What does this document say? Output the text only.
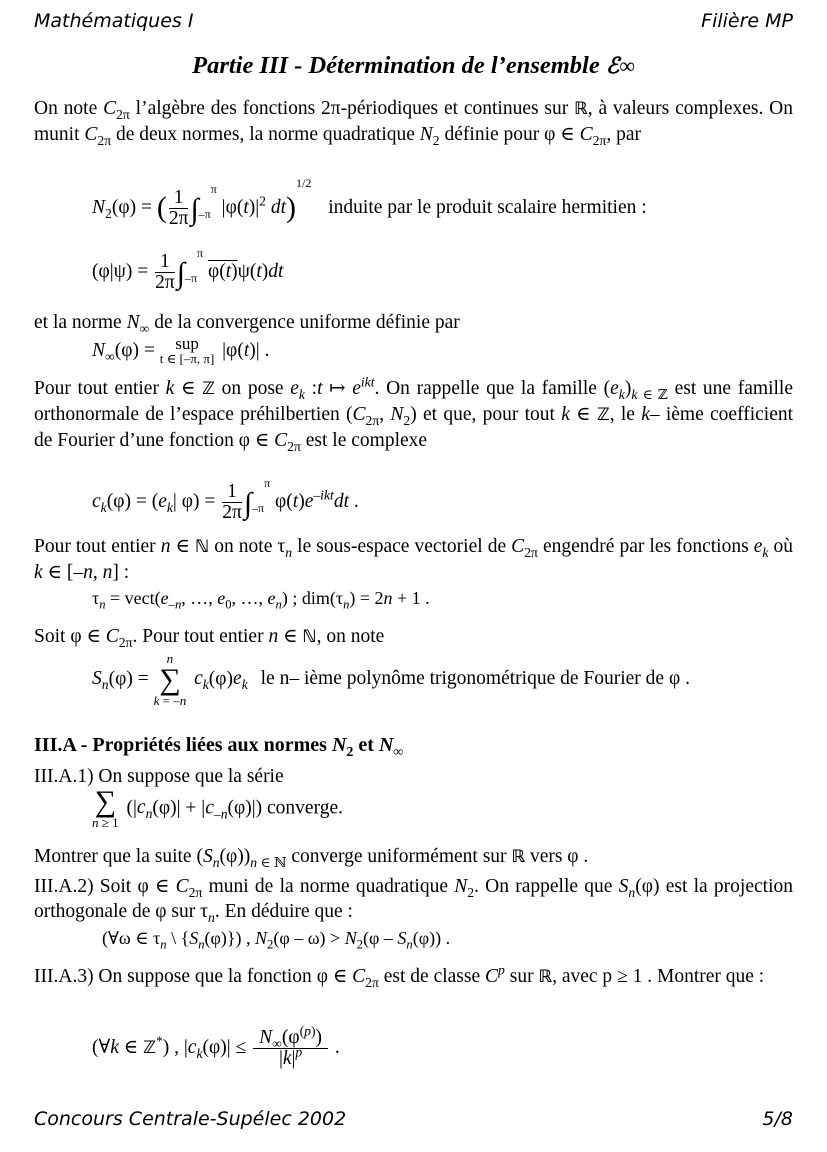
Mathématiques I	Filière MP
Partie III - Détermination de l’ensemble ℰ∞
On note $C_{2\pi}$ l’algèbre des fonctions 2π-périodiques et continues sur ℝ, à valeurs complexes. On munit $C_{2\pi}$ de deux normes, la norme quadratique $N_2$ définie pour φ ∈ $C_{2\pi}$, par
$N_2(\varphi)$ = ( $\frac{1}{2\pi} \int_{-\pi}^\pi$ $|\varphi(t)|^2$ dt)$^{1/2}$ induite par le produit scalaire hermitien :
$(\varphi|\psi) = \frac{1}{2\pi} \int_{-\pi}^\pi$ φ(t)ψ(t)dt
et la norme $N_\infty$ de la convergence uniforme définie par
$N_\infty(\varphi)$ = sup
t ∈ [–π, π] |φ(t)| .
Pour tout entier k ∈ ℤ on pose $e_k$ :t ↦ $e^{ikt}$. On rappelle que la famille $(e_k)_{k \in ℤ}$ est une famille orthonormale de l’espace préhilbertien ($C_{2\pi}$, $N_2$) et que, pour tout k ∈ ℤ, le k– ième coefficient de Fourier d’une fonction φ ∈ $C_{2\pi}$ est le complexe
$c_k(\varphi) = (e_k|$ $\varphi) = \frac{1}{2\pi} \int_{-\pi}^\pi$ $\varphi(t)e^{-ikt}dt$ .
Pour tout entier n ∈ ℕ on note $\tau_n$ le sous-espace vectoriel de $C_{2\pi}$ engendré par les fonctions $e_k$ où k ∈ [–n, n] :
$\tau_n$ = $vect(e_{-n}$, …, $e_0$, …, $e_n$) ; $dim(\tau_n) = 2n + 1$ .
Soit φ ∈ $C_{2\pi}$. Pour tout entier n ∈ ℕ, on note
$S_n(\varphi) = n$
∑
k = –n $c_k(\varphi)e_k$ le n– ième polynôme trigonométrique de Fourier de φ .
III.A - Propriétés liées aux normes $N_2$ et $N_\infty$
III.A.1) On suppose que la série
∑
n ≥ 1 $(|c_n(\varphi)| + |c_{-n}(\varphi)|)$ converge.
Montrer que la suite $(S_n(\varphi))_{n \in ℕ}$ converge uniformément sur ℝ vers φ .
III.A.2) Soit φ ∈ $C_{2\pi}$ muni de la norme quadratique $N_2$. On rappelle que $S_n(\varphi)$ est la projection orthogonale de φ sur $\tau_n$. En déduire que :
(∀ω ∈ $\tau_n$ \ $\{S_n(\varphi)\}$) , $N_2(\varphi - \omega) > N_2(\varphi - S_n(\varphi))$ .
III.A.3) On suppose que la fonction φ ∈ $C_{2\pi}$ est de classe $C^p$ sur ℝ, avec p ≥ 1 . Montrer que :
(∀k ∈ ℤ*) , $|c_k(\varphi)| \le \frac{N_\infty(\varphi^{(p)})}{|k|^p}$ .
Concours Centrale-Supélec 2002	5/8
